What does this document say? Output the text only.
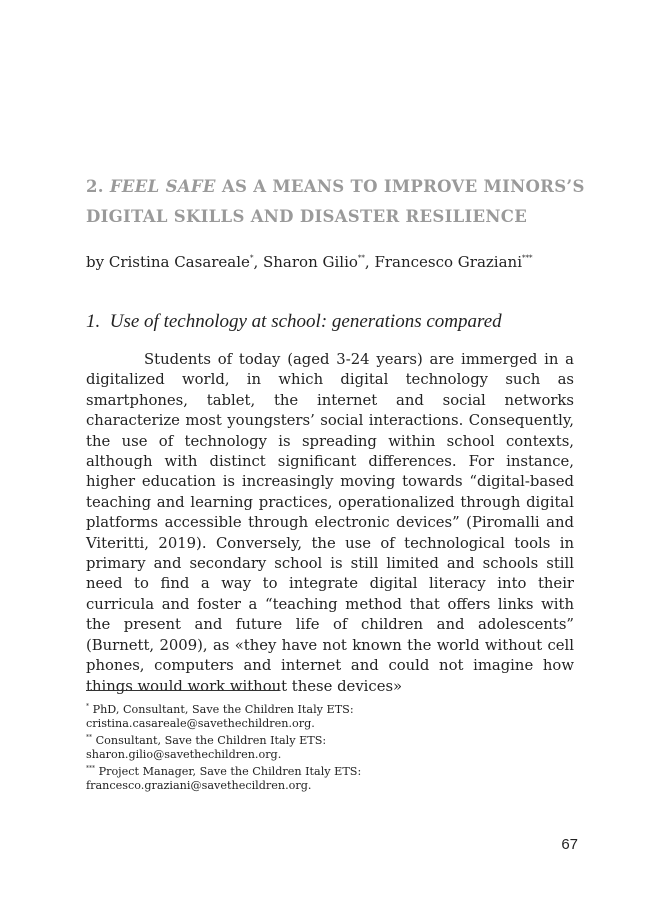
2. FEEL SAFE AS A MEANS TO IMPROVE MINORS’S
DIGITAL SKILLS AND DISASTER RESILIENCE
by Cristina Casareale*, Sharon Gilio**, Francesco Graziani***
1. Use of technology at school: generations compared

Students of today (aged 3-24 years) are immerged in a digitalized world, in which digital technology such as smartphones, tablet, the internet and social networks characterize most youngsters’ social interactions. Consequently, the use of technology is spreading within school contexts, although with distinct significant differences. For instance, higher education is increasingly moving towards “digital-based teaching and learning practices, operationalized through digital platforms accessible through electronic devices” (Piromalli and Viteritti, 2019). Conversely, the use of technological tools in primary and secondary school is still limited and schools still need to find a way to integrate digital literacy into their curricula and foster a “teaching method that offers links with the present and future life of children and adolescents” (Burnett, 2009), as «they have not known the world without cell phones, computers and internet and could not imagine how things would work without these devices»

* PhD, Consultant, Save the Children Italy ETS:
cristina.casareale@savethechildren.org.
** Consultant, Save the Children Italy ETS:
sharon.gilio@savethechildren.org.
*** Project Manager, Save the Children Italy ETS:
francesco.graziani@savethecildren.org.
67
